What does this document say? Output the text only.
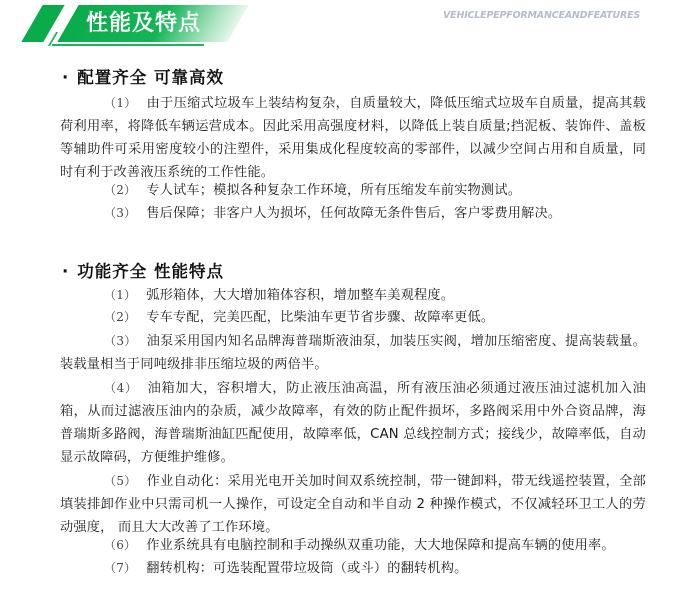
性能及特点	VEHICLEPEPFORMANCEANDFEATURES
· 配置齐全 可靠高效
（1） 由于压缩式垃圾车上装结构复杂，自质量较大，降低压缩式垃圾车自质量，提高其载荷利用率，将降低车辆运营成本。因此采用高强度材料，以降低上装自质量;挡泥板、装饰件、盖板等辅助件可采用密度较小的注塑件，采用集成化程度较高的零部件，以减少空间占用和自质量，同时有利于改善液压系统的工作性能。
（2） 专人试车；模拟各种复杂工作环境，所有压缩发车前实物测试。
（3） 售后保障；非客户人为损坏，任何故障无条件售后，客户零费用解决。
· 功能齐全 性能特点
（1） 弧形箱体，大大增加箱体容积，增加整车美观程度。
（2） 专车专配，完美匹配，比柴油车更节省步骤、故障率更低。
（3） 油泵采用国内知名品牌海普瑞斯液油泵，加装压实阀，增加压缩密度、提高装载量。 装载量相当于同吨级排非压缩垃圾的两倍半。
（4） 油箱加大，容积增大，防止液压油高温，所有液压油必须通过液压油过滤机加入油箱，从而过滤液压油内的杂质，减少故障率，有效的防止配件损坏，多路阀采用中外合资品牌，海普瑞斯多路阀，海普瑞斯油缸匹配使用，故障率低，CAN 总线控制方式；接线少，故障率低，自动显示故障码，方便维护维修。
（5） 作业自动化：采用光电开关加时间双系统控制，带一键卸料，带无线遥控装置，全部填装排卸作业中只需司机一人操作，可设定全自动和半自动 2 种操作模式，不仅减轻环卫工人的劳动强度， 而且大大改善了工作环境。
（6） 作业系统具有电脑控制和手动操纵双重功能，大大地保障和提高车辆的使用率。
（7） 翻转机构：可选装配置带垃圾筒（或斗）的翻转机构。
